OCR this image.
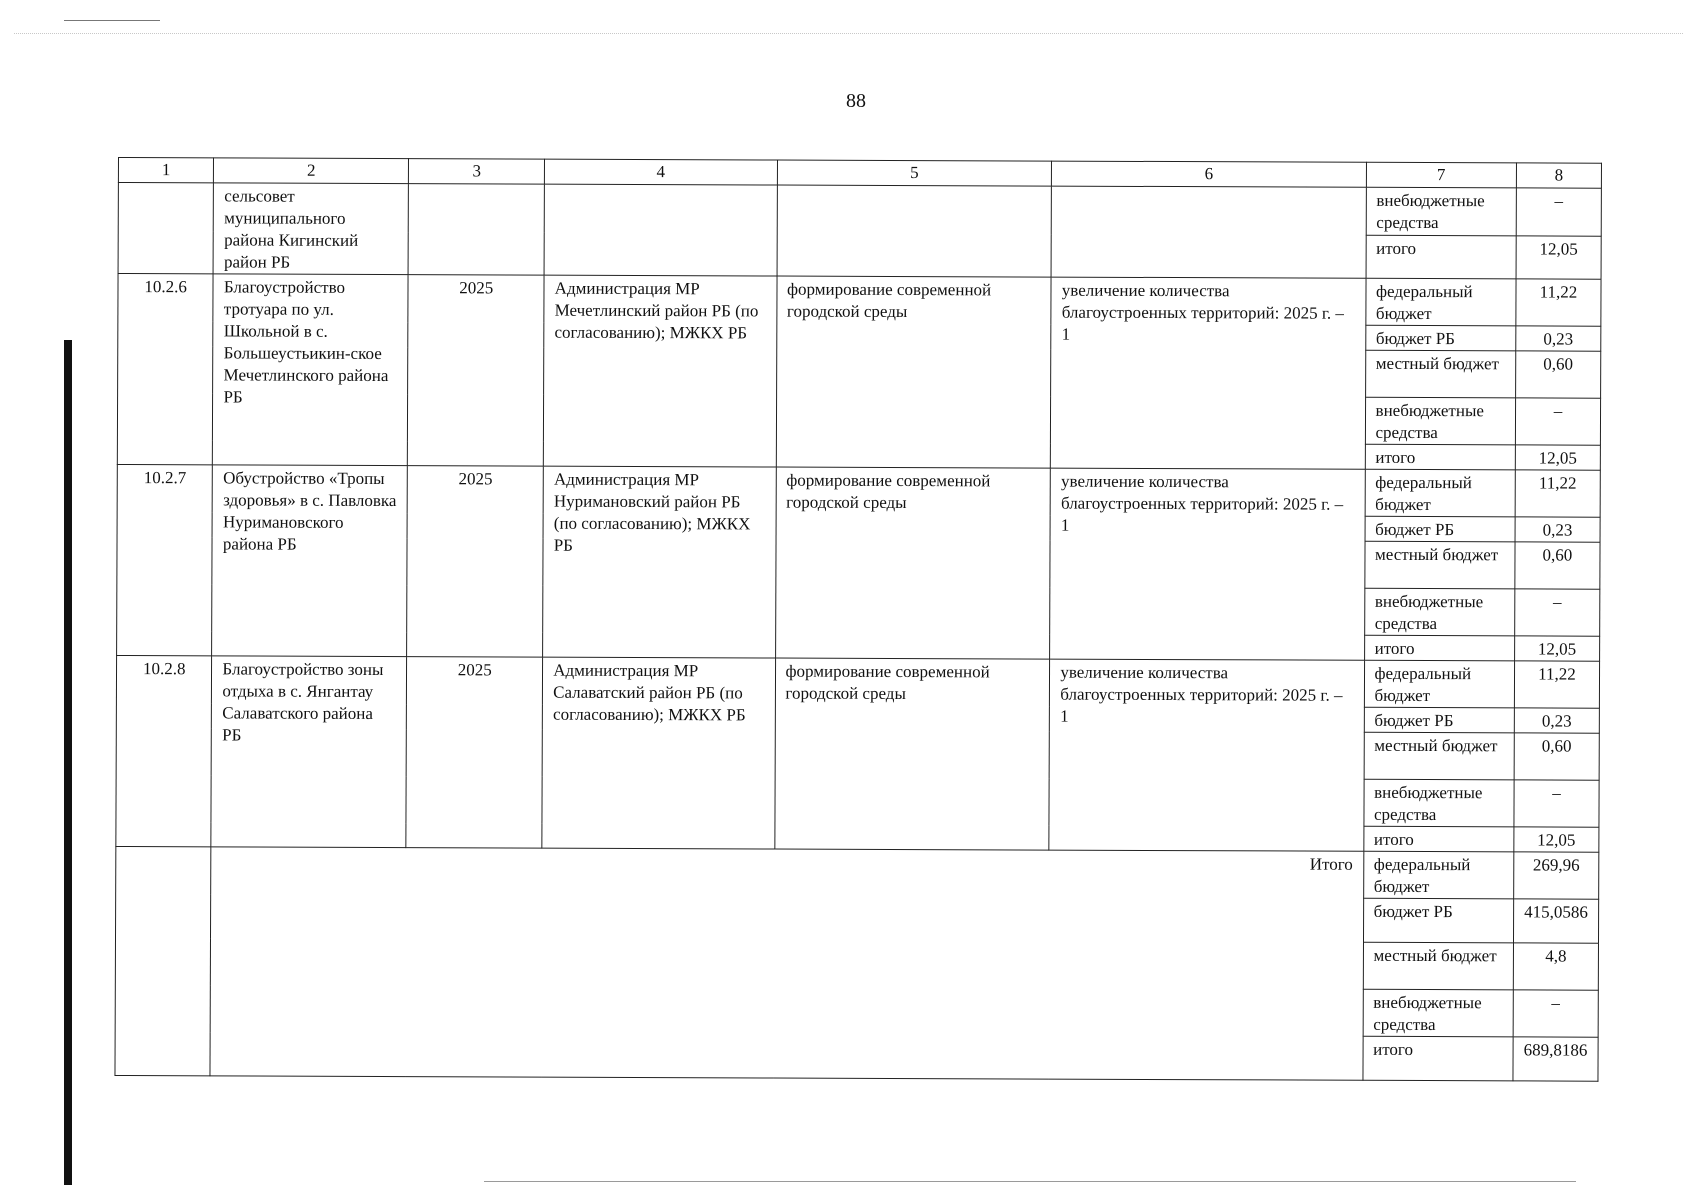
88
1	2	3	4	5	6	7	8
	сельсовет муниципального района Кигинский район РБ					внебюджетные средства	–
						итого	12,05
10.2.6	Благоустройство тротуара по ул. Школьной в с. Большеустьикин-ское Мечетлинского района РБ	2025	Администрация МР Мечетлинский район РБ (по согласованию); МЖКХ РБ	формирование современной городской среды	увеличение количества благоустроенных территорий: 2025 г. – 1	федеральный бюджет	11,22
						бюджет РБ	0,23
						местный бюджет	0,60
						внебюджетные средства	–
						итого	12,05
10.2.7	Обустройство «Тропы здоровья» в с. Павловка Нуримановского района РБ	2025	Администрация МР Нуримановский район РБ (по согласованию); МЖКХ РБ	формирование современной городской среды	увеличение количества благоустроенных территорий: 2025 г. – 1	федеральный бюджет	11,22
						бюджет РБ	0,23
						местный бюджет	0,60
						внебюджетные средства	–
						итого	12,05
10.2.8	Благоустройство зоны отдыха в с. Янгантау Салаватского района РБ	2025	Администрация МР Салаватский район РБ (по согласованию); МЖКХ РБ	формирование современной городской среды	увеличение количества благоустроенных территорий: 2025 г. – 1	федеральный бюджет	11,22
						бюджет РБ	0,23
						местный бюджет	0,60
						внебюджетные средства	–
						итого	12,05
	Итого					федеральный бюджет	269,96
						бюджет РБ	415,0586
						местный бюджет	4,8
						внебюджетные средства	–
						итого	689,8186
